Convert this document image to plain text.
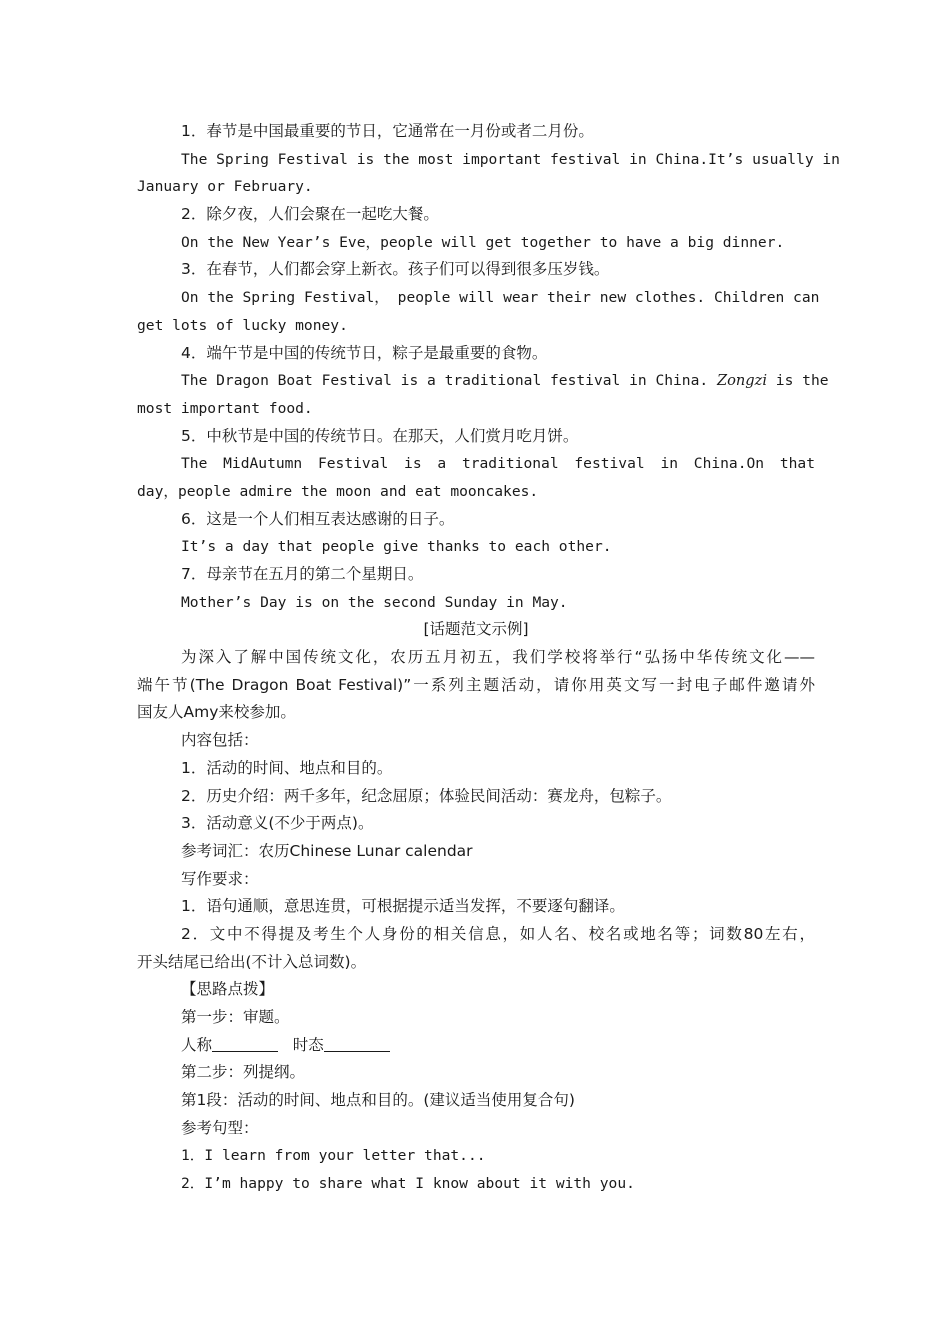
1．春节是中国最重要的节日，它通常在一月份或者二月份。
The Spring Festival is the most important festival in China.It’s usually in
January or February.
2．除夕夜，人们会聚在一起吃大餐。
On the New Year’s Eve，people will get together to have a big dinner.
3．在春节，人们都会穿上新衣。孩子们可以得到很多压岁钱。
On the Spring Festival， people will wear their new clothes. Children can
get lots of lucky money.
4．端午节是中国的传统节日，粽子是最重要的食物。
The Dragon Boat Festival is a traditional festival in China. Zongzi is the
most important food.
5．中秋节是中国的传统节日。在那天，人们赏月吃月饼。
The MidAutumn Festival is a traditional festival in China.On that
day，people admire the moon and eat mooncakes.
6．这是一个人们相互表达感谢的日子。
It’s a day that people give thanks to each other.
7．母亲节在五月的第二个星期日。
Mother’s Day is on the second Sunday in May.
[话题范文示例]
为深入了解中国传统文化，农历五月初五，我们学校将举行“弘扬中华传统文化——
端午节(The Dragon Boat Festival)”一系列主题活动，请你用英文写一封电子邮件邀请外
国友人Amy来校参加。
内容包括：
1．活动的时间、地点和目的。
2．历史介绍：两千多年，纪念屈原；体验民间活动：赛龙舟，包粽子。
3．活动意义(不少于两点)。
参考词汇：农历Chinese Lunar calendar
写作要求：
1．语句通顺，意思连贯，可根据提示适当发挥，不要逐句翻译。
2．文中不得提及考生个人身份的相关信息，如人名、校名或地名等；词数80左右，
开头结尾已给出(不计入总词数)。
【思路点拨】
第一步：审题。
人称	时态
第二步：列提纲。
第1段：活动的时间、地点和目的。(建议适当使用复合句)
参考句型：
1．I learn from your letter that...
2．I’m happy to share what I know about it with you.
